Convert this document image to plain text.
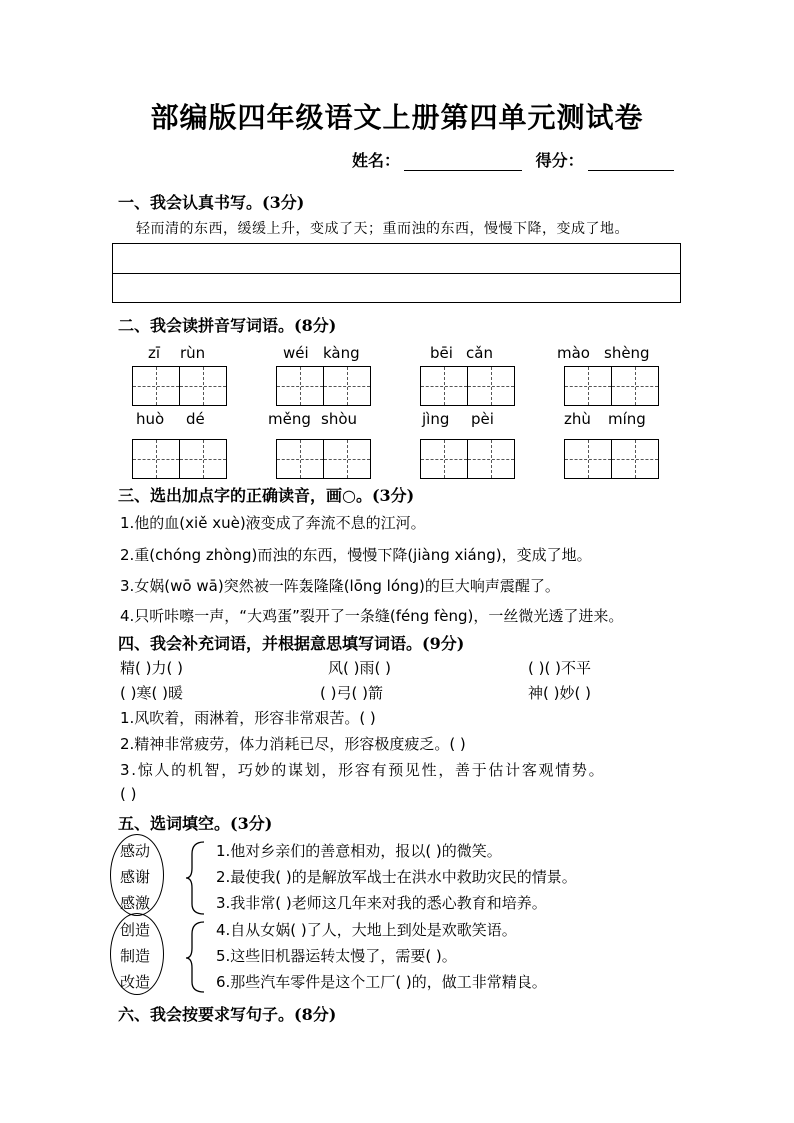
部编版四年级语文上册第四单元测试卷
姓名：	得分：
一、我会认真书写。(3分)
轻而清的东西，缓缓上升，变成了天；重而浊的东西，慢慢下降，变成了地。
二、我会读拼音写词语。(8分)
zī rùn	wéi kàng	bēi cǎn	mào shèng
huò dé	měng shòu	jìng pèi	zhù míng
三、选出加点字的正确读音，画○。(3分)
1.他的血(xiě xuè)液变成了奔流不息的江河。
2.重(chóng zhòng)而浊的东西，慢慢下降(jiàng xiáng)，变成了地。
3.女娲(wō wā)突然被一阵轰隆隆(lōng lóng)的巨大响声震醒了。
4.只听咔嚓一声，“大鸡蛋”裂开了一条缝(féng fèng)，一丝微光透了进来。
四、我会补充词语，并根据意思填写词语。(9分)
精( )力( )	风( )雨( )	( )( )不平
( )寒( )暖	( )弓( )箭	神( )妙( )
1.风吹着，雨淋着，形容非常艰苦。( )
2.精神非常疲劳，体力消耗已尽，形容极度疲乏。( )
3.惊人的机智，巧妙的谋划，形容有预见性，善于估计客观情势。
( )
五、选词填空。(3分)
感动
感谢
感激
创造
制造
改造
1.他对乡亲们的善意相劝，报以( )的微笑。
2.最使我( )的是解放军战士在洪水中救助灾民的情景。
3.我非常( )老师这几年来对我的悉心教育和培养。
4.自从女娲( )了人，大地上到处是欢歌笑语。
5.这些旧机器运转太慢了，需要( )。
6.那些汽车零件是这个工厂( )的，做工非常精良。
六、我会按要求写句子。(8分)
